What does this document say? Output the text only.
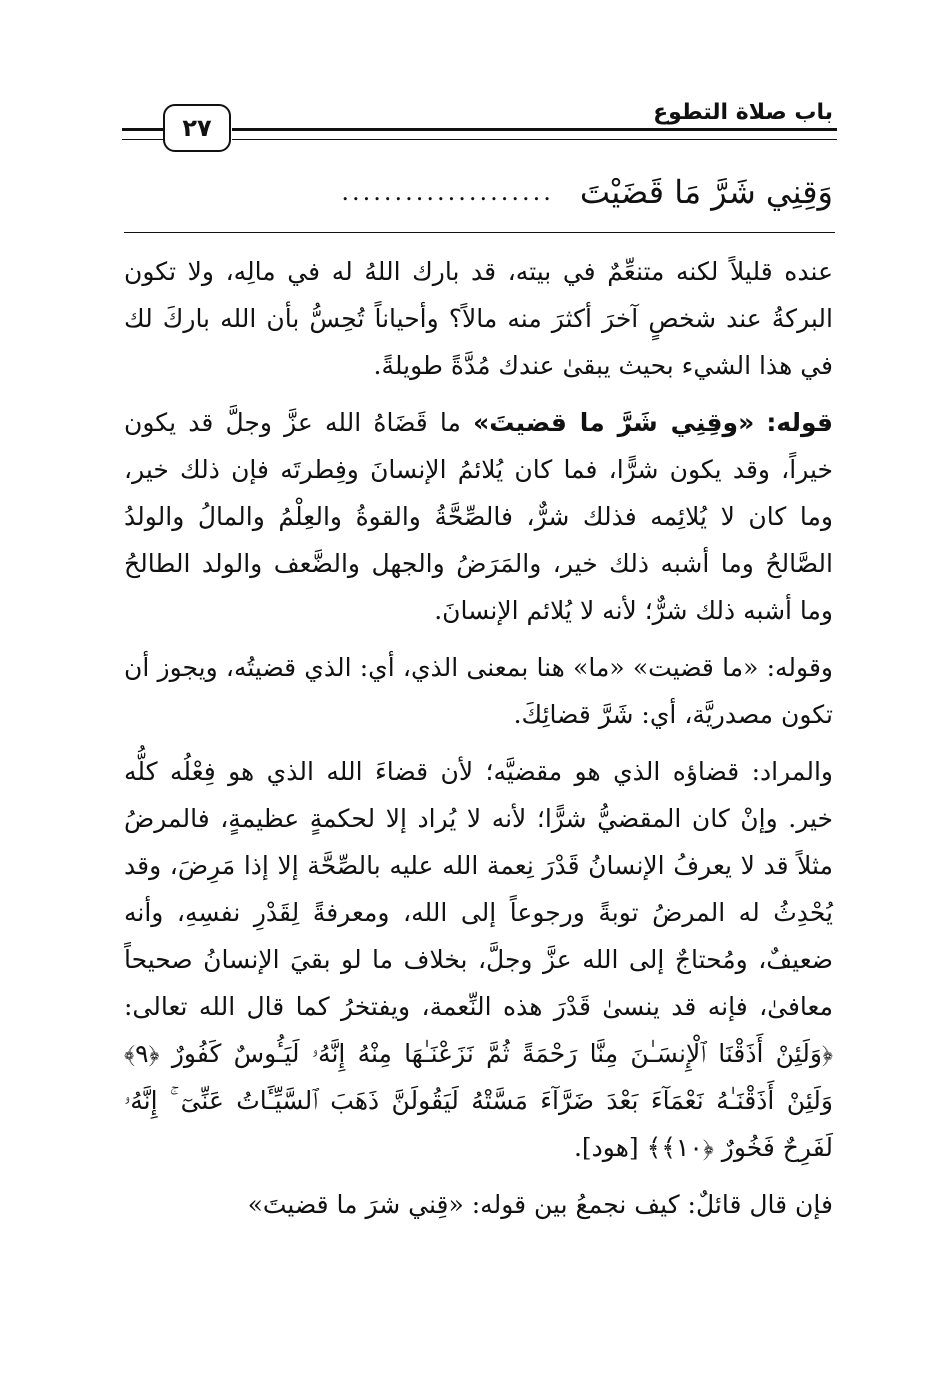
باب صلاة التطوع
٢٧
وَقِنِي شَرَّ مَا قَضَيْتَ
....................

عنده قليلاً لكنه متنعِّمٌ في بيته، قد بارك اللهُ له في مالِه، ولا تكون البركةُ عند شخصٍ آخرَ أكثرَ منه مالاً؟ وأحياناً تُحِسُّ بأن الله باركَ لك في هذا الشيء بحيث يبقىٰ عندك مُدَّةً طويلةً.

قوله: «وقِنِي شَرَّ ما قضيتَ» ما قَضَاهُ الله عزَّ وجلَّ قد يكون خيراً، وقد يكون شرًّا، فما كان يُلائمُ الإنسانَ وفِطرتَه فإن ذلك خير، وما كان لا يُلائِمه فذلك شرٌّ، فالصِّحَّةُ والقوةُ والعِلْمُ والمالُ والولدُ الصَّالحُ وما أشبه ذلك خير، والمَرَضُ والجهل والضَّعف والولد الطالحُ وما أشبه ذلك شرٌّ؛ لأنه لا يُلائم الإنسانَ.

وقوله: «ما قضيت» «ما» هنا بمعنى الذي، أي: الذي قضيتُه، ويجوز أن تكون مصدريَّة، أي: شَرَّ قضائِكَ.

والمراد: قضاؤه الذي هو مقضيَّه؛ لأن قضاءَ الله الذي هو فِعْلُه كلُّه خير. وإنْ كان المقضيُّ شرًّا؛ لأنه لا يُراد إلا لحكمةٍ عظيمةٍ، فالمرضُ مثلاً قد لا يعرفُ الإنسانُ قَدْرَ نِعمة الله عليه بالصِّحَّة إلا إذا مَرِضَ، وقد يُحْدِثُ له المرضُ توبةً ورجوعاً إلى الله، ومعرفةً لِقَدْرِ نفسِهِ، وأنه ضعيفٌ، ومُحتاجٌ إلى الله عزَّ وجلَّ، بخلاف ما لو بقيَ الإنسانُ صحيحاً معافىٰ، فإنه قد ينسىٰ قَدْرَ هذه النِّعمة، ويفتخرُ كما قال الله تعالى: ﴿وَلَئِنْ أَذَقْنَا ٱلْإِنسَـٰنَ مِنَّا رَحْمَةً ثُمَّ نَزَعْنَـٰهَا مِنْهُ إِنَّهُۥ لَيَـُٔوسٌ كَفُورٌ ﴿٩﴾ وَلَئِنْ أَذَقْنَـٰهُ نَعْمَآءَ بَعْدَ ضَرَّآءَ مَسَّتْهُ لَيَقُولَنَّ ذَهَبَ ٱلسَّيِّـَٔاتُ عَنِّىٓ ۚ إِنَّهُۥ لَفَرِحٌ فَخُورٌ ﴿١٠﴾﴾ [هود].

فإن قال قائلٌ: كيف نجمعُ بين قوله: «قِني شرَ ما قضيتَ»
